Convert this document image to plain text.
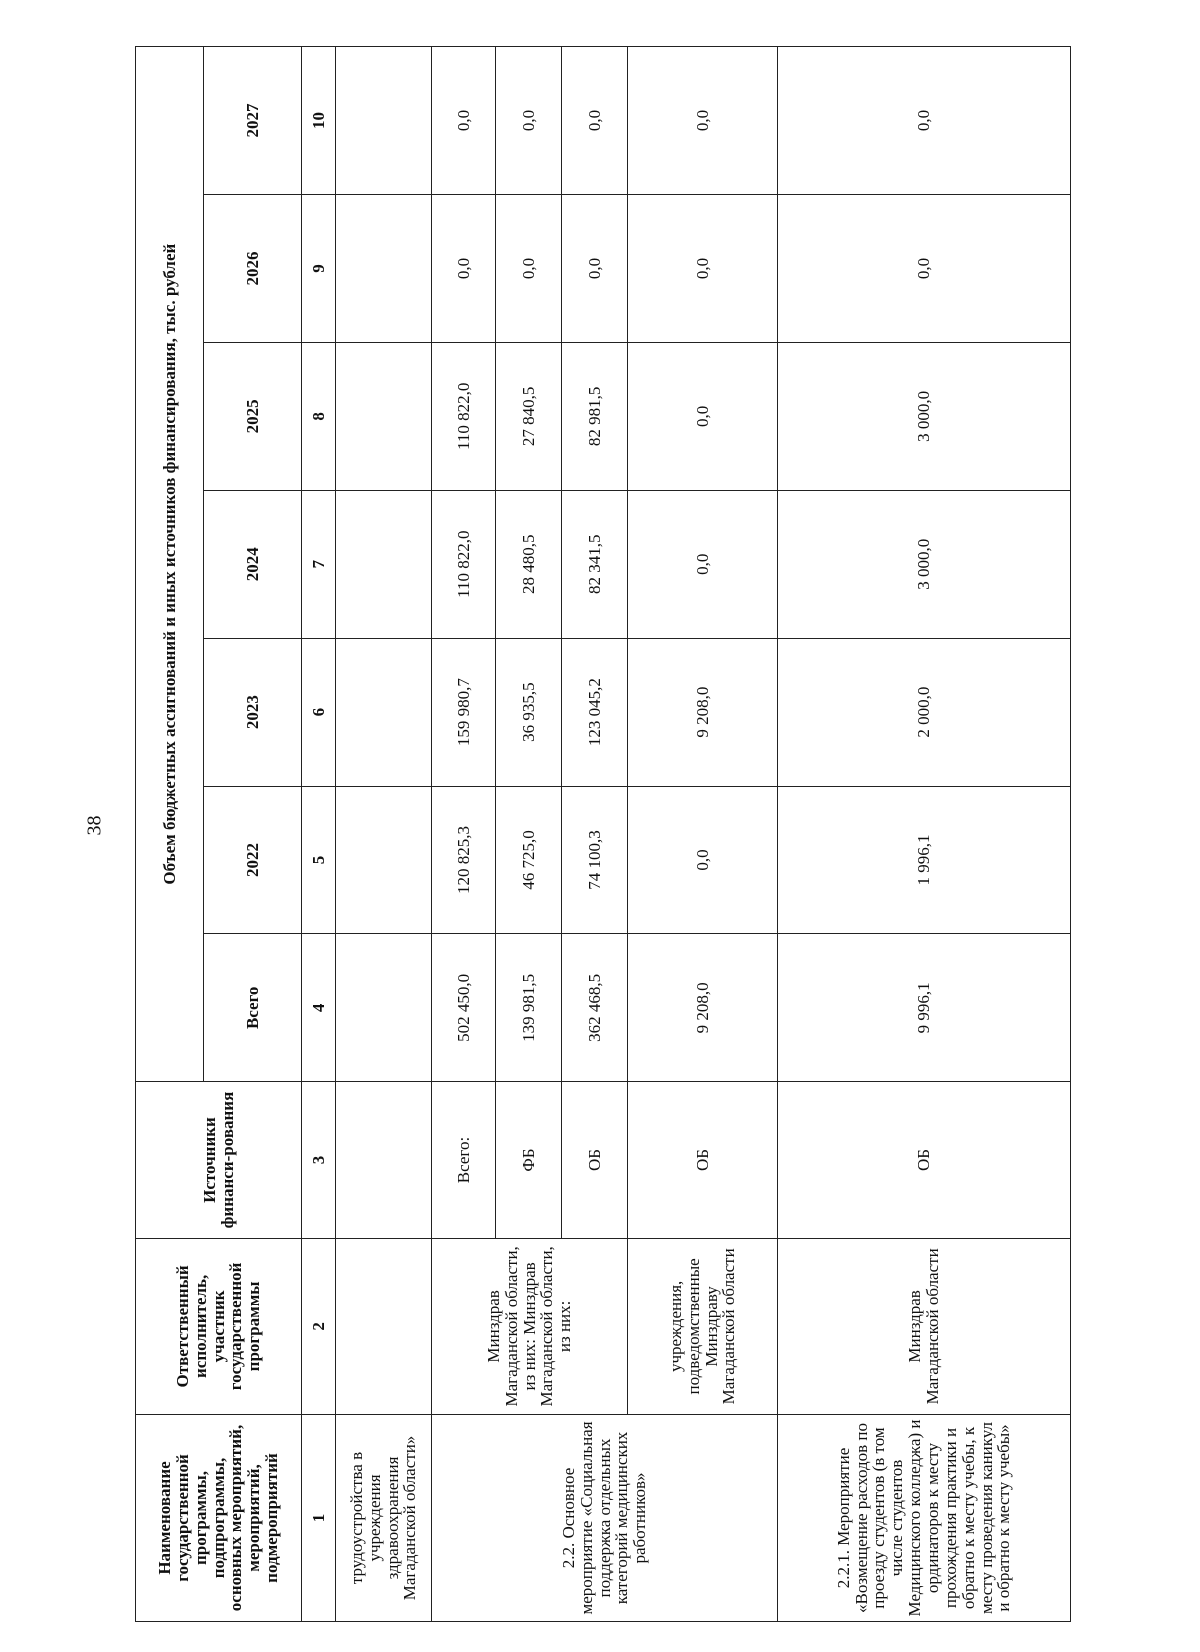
38
Наименование государственной программы, подпрограммы, основных мероприятий, мероприятий, подмероприятий	Ответственный исполнитель, участник государственной программы	Источники финанси-рования	Объем бюджетных ассигнований и иных источников финансирования, тыс. рублей						
			Всего	2022	2023	2024	2025	2026	2027
1	2	3	4	5	6	7	8	9	10
трудоустройства в учреждения здравоохранения Магаданской области»									
2.2. Основное мероприятие «Социальная поддержка отдельных категорий медицинских работников»	Минздрав Магаданской области, из них: Минздрав Магаданской области, из них:	Всего:	502 450,0	120 825,3	159 980,7	110 822,0	110 822,0	0,0	0,0
		ФБ	139 981,5	46 725,0	36 935,5	28 480,5	27 840,5	0,0	0,0
		ОБ	362 468,5	74 100,3	123 045,2	82 341,5	82 981,5	0,0	0,0
	учреждения, подведомственные Минздраву Магаданской области	ОБ	9 208,0	0,0	9 208,0	0,0	0,0	0,0	0,0
2.2.1. Мероприятие «Возмещение расходов по проезду студентов (в том числе студентов Медицинского колледжа) и ординаторов к месту прохождения практики и обратно к месту учебы, к месту проведения каникул и обратно к месту учебы»	Минздрав Магаданской области	ОБ	9 996,1	1 996,1	2 000,0	3 000,0	3 000,0	0,0	0,0
